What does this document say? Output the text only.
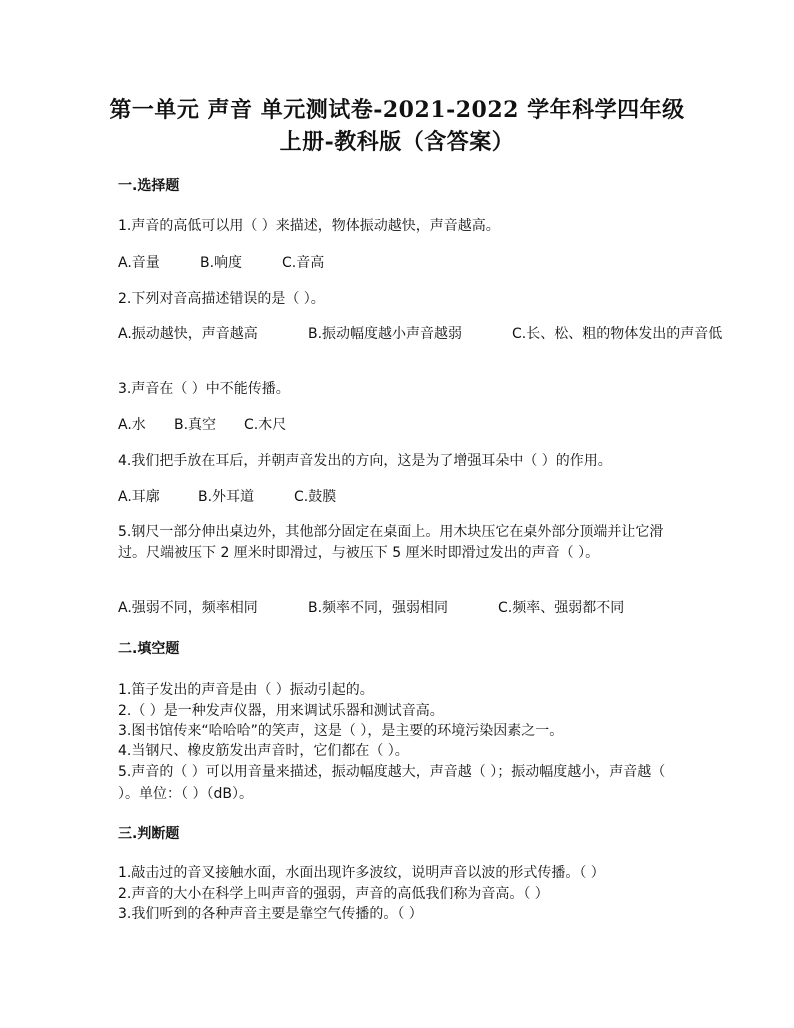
第一单元 声音 单元测试卷-2021-2022 学年科学四年级
上册-教科版（含答案）

一.选择题

1.声音的高低可以用（ ）来描述，物体振动越快，声音越高。

A.音量	B.响度	C.音高

2.下列对音高描述错误的是（ ）。

A.振动越快，声音越高	B.振动幅度越小声音越弱	C.长、松、粗的物体发出的声音低

3.声音在（ ）中不能传播。

A.水 B.真空 C.木尺

4.我们把手放在耳后，并朝声音发出的方向，这是为了增强耳朵中（ ）的作用。

A.耳廓	B.外耳道	C.鼓膜

5.钢尺一部分伸出桌边外，其他部分固定在桌面上。用木块压它在桌外部分顶端并让它滑过。尺端被压下 2 厘米时即滑过，与被压下 5 厘米时即滑过发出的声音（ ）。

A.强弱不同，频率相同	B.频率不同，强弱相同	C.频率、强弱都不同

二.填空题

1.笛子发出的声音是由（ ）振动引起的。

2.（ ）是一种发声仪器，用来调试乐器和测试音高。

3.图书馆传来“哈哈哈”的笑声，这是（ ），是主要的环境污染因素之一。

4.当钢尺、橡皮筋发出声音时，它们都在（ ）。

5.声音的（ ）可以用音量来描述，振动幅度越大，声音越（ ）；振动幅度越小，声音越（ ）。单位：（ ）（dB）。

三.判断题

1.敲击过的音叉接触水面，水面出现许多波纹，说明声音以波的形式传播。（ ）

2.声音的大小在科学上叫声音的强弱，声音的高低我们称为音高。（ ）

3.我们听到的各种声音主要是靠空气传播的。（ ）
